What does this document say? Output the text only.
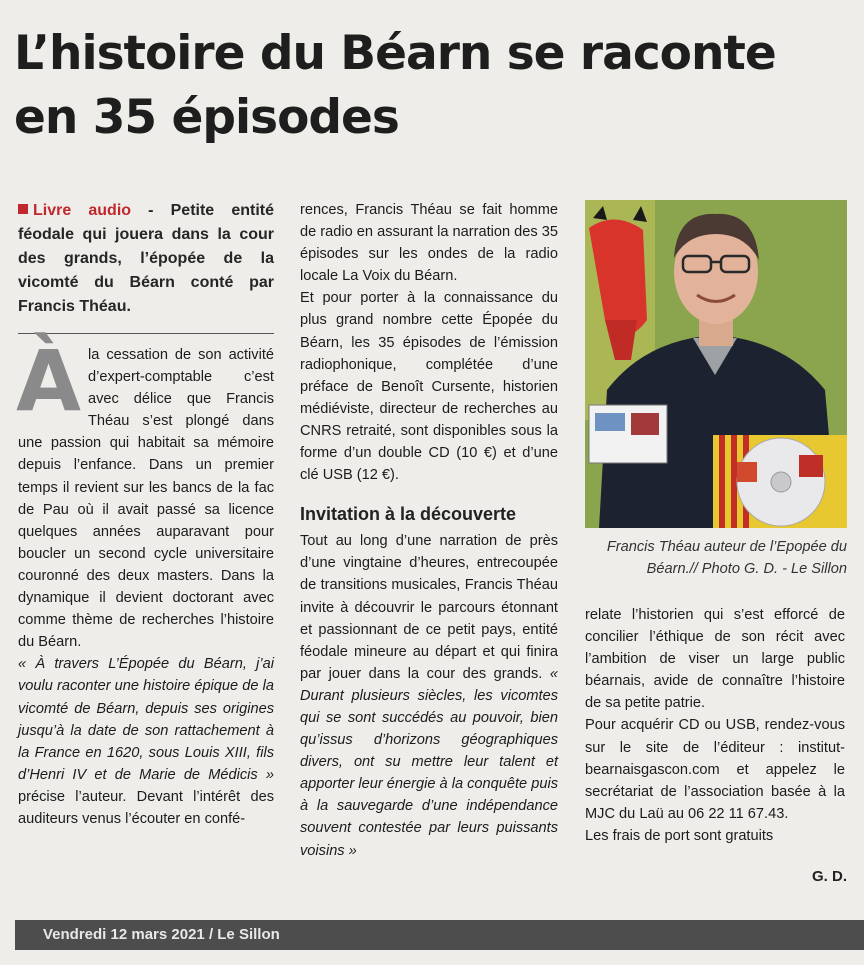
L’histoire du Béarn se raconte en 35 épisodes

Livre audio - Petite entité féodale qui jouera dans la cour des grands, l’épopée de la vicomté du Béarn conté par Francis Théau.

Àla cessation de son activité d’expert-comptable c’est avec délice que Francis Théau s’est plongé dans une passion qui habitait sa mémoire depuis l’enfance. Dans un premier temps il revient sur les bancs de la fac de Pau où il avait passé sa licence quelques années auparavant pour boucler un second cycle universitaire couronné des deux masters. Dans la dynamique il devient doctorant avec comme thème de recherches l’histoire du Béarn.

« À travers L’Épopée du Béarn, j’ai voulu raconter une histoire épique de la vicomté de Béarn, depuis ses origines jusqu’à la date de son rattachement à la France en 1620, sous Louis XIII, fils d’Henri IV et de Marie de Médicis » précise l’auteur. Devant l’intérêt des auditeurs venus l’écouter en confé-

rences, Francis Théau se fait homme de radio en assurant la narration des 35 épisodes sur les ondes de la radio locale La Voix du Béarn.

Et pour porter à la connaissance du plus grand nombre cette Épopée du Béarn, les 35 épisodes de l’émission radiophonique, complétée d’une préface de Benoît Cursente, historien médiéviste, directeur de recherches au CNRS retraité, sont disponibles sous la forme d’un double CD (10 €) et d’une clé USB (12 €).

Invitation à la découverte

Tout au long d’une narration de près d’une vingtaine d’heures, entrecoupée de transitions musicales, Francis Théau invite à découvrir le parcours étonnant et passionnant de ce petit pays, entité féodale mineure au départ et qui finira par jouer dans la cour des grands. « Durant plusieurs siècles, les vicomtes qui se sont succédés au pouvoir, bien qu’issus d’horizons géographiques divers, ont su mettre leur talent et apporter leur énergie à la conquête puis à la sauvegarde d’une indépendance souvent contestée par leurs puissants voisins »

Francis Théau auteur de l’Epopée du Béarn.// Photo G. D. - Le Sillon

relate l’historien qui s’est efforcé de concilier l’éthique de son récit avec l’ambition de viser un large public béarnais, avide de connaître l’histoire de sa petite patrie.

Pour acquérir CD ou USB, rendez-vous sur le site de l’éditeur : institut-bearnaisgascon.com et appelez le secrétariat de l’association basée à la MJC du Laü au 06 22 11 67.43.

Les frais de port sont gratuits

G. D.
Vendredi 12 mars 2021 / Le Sillon
